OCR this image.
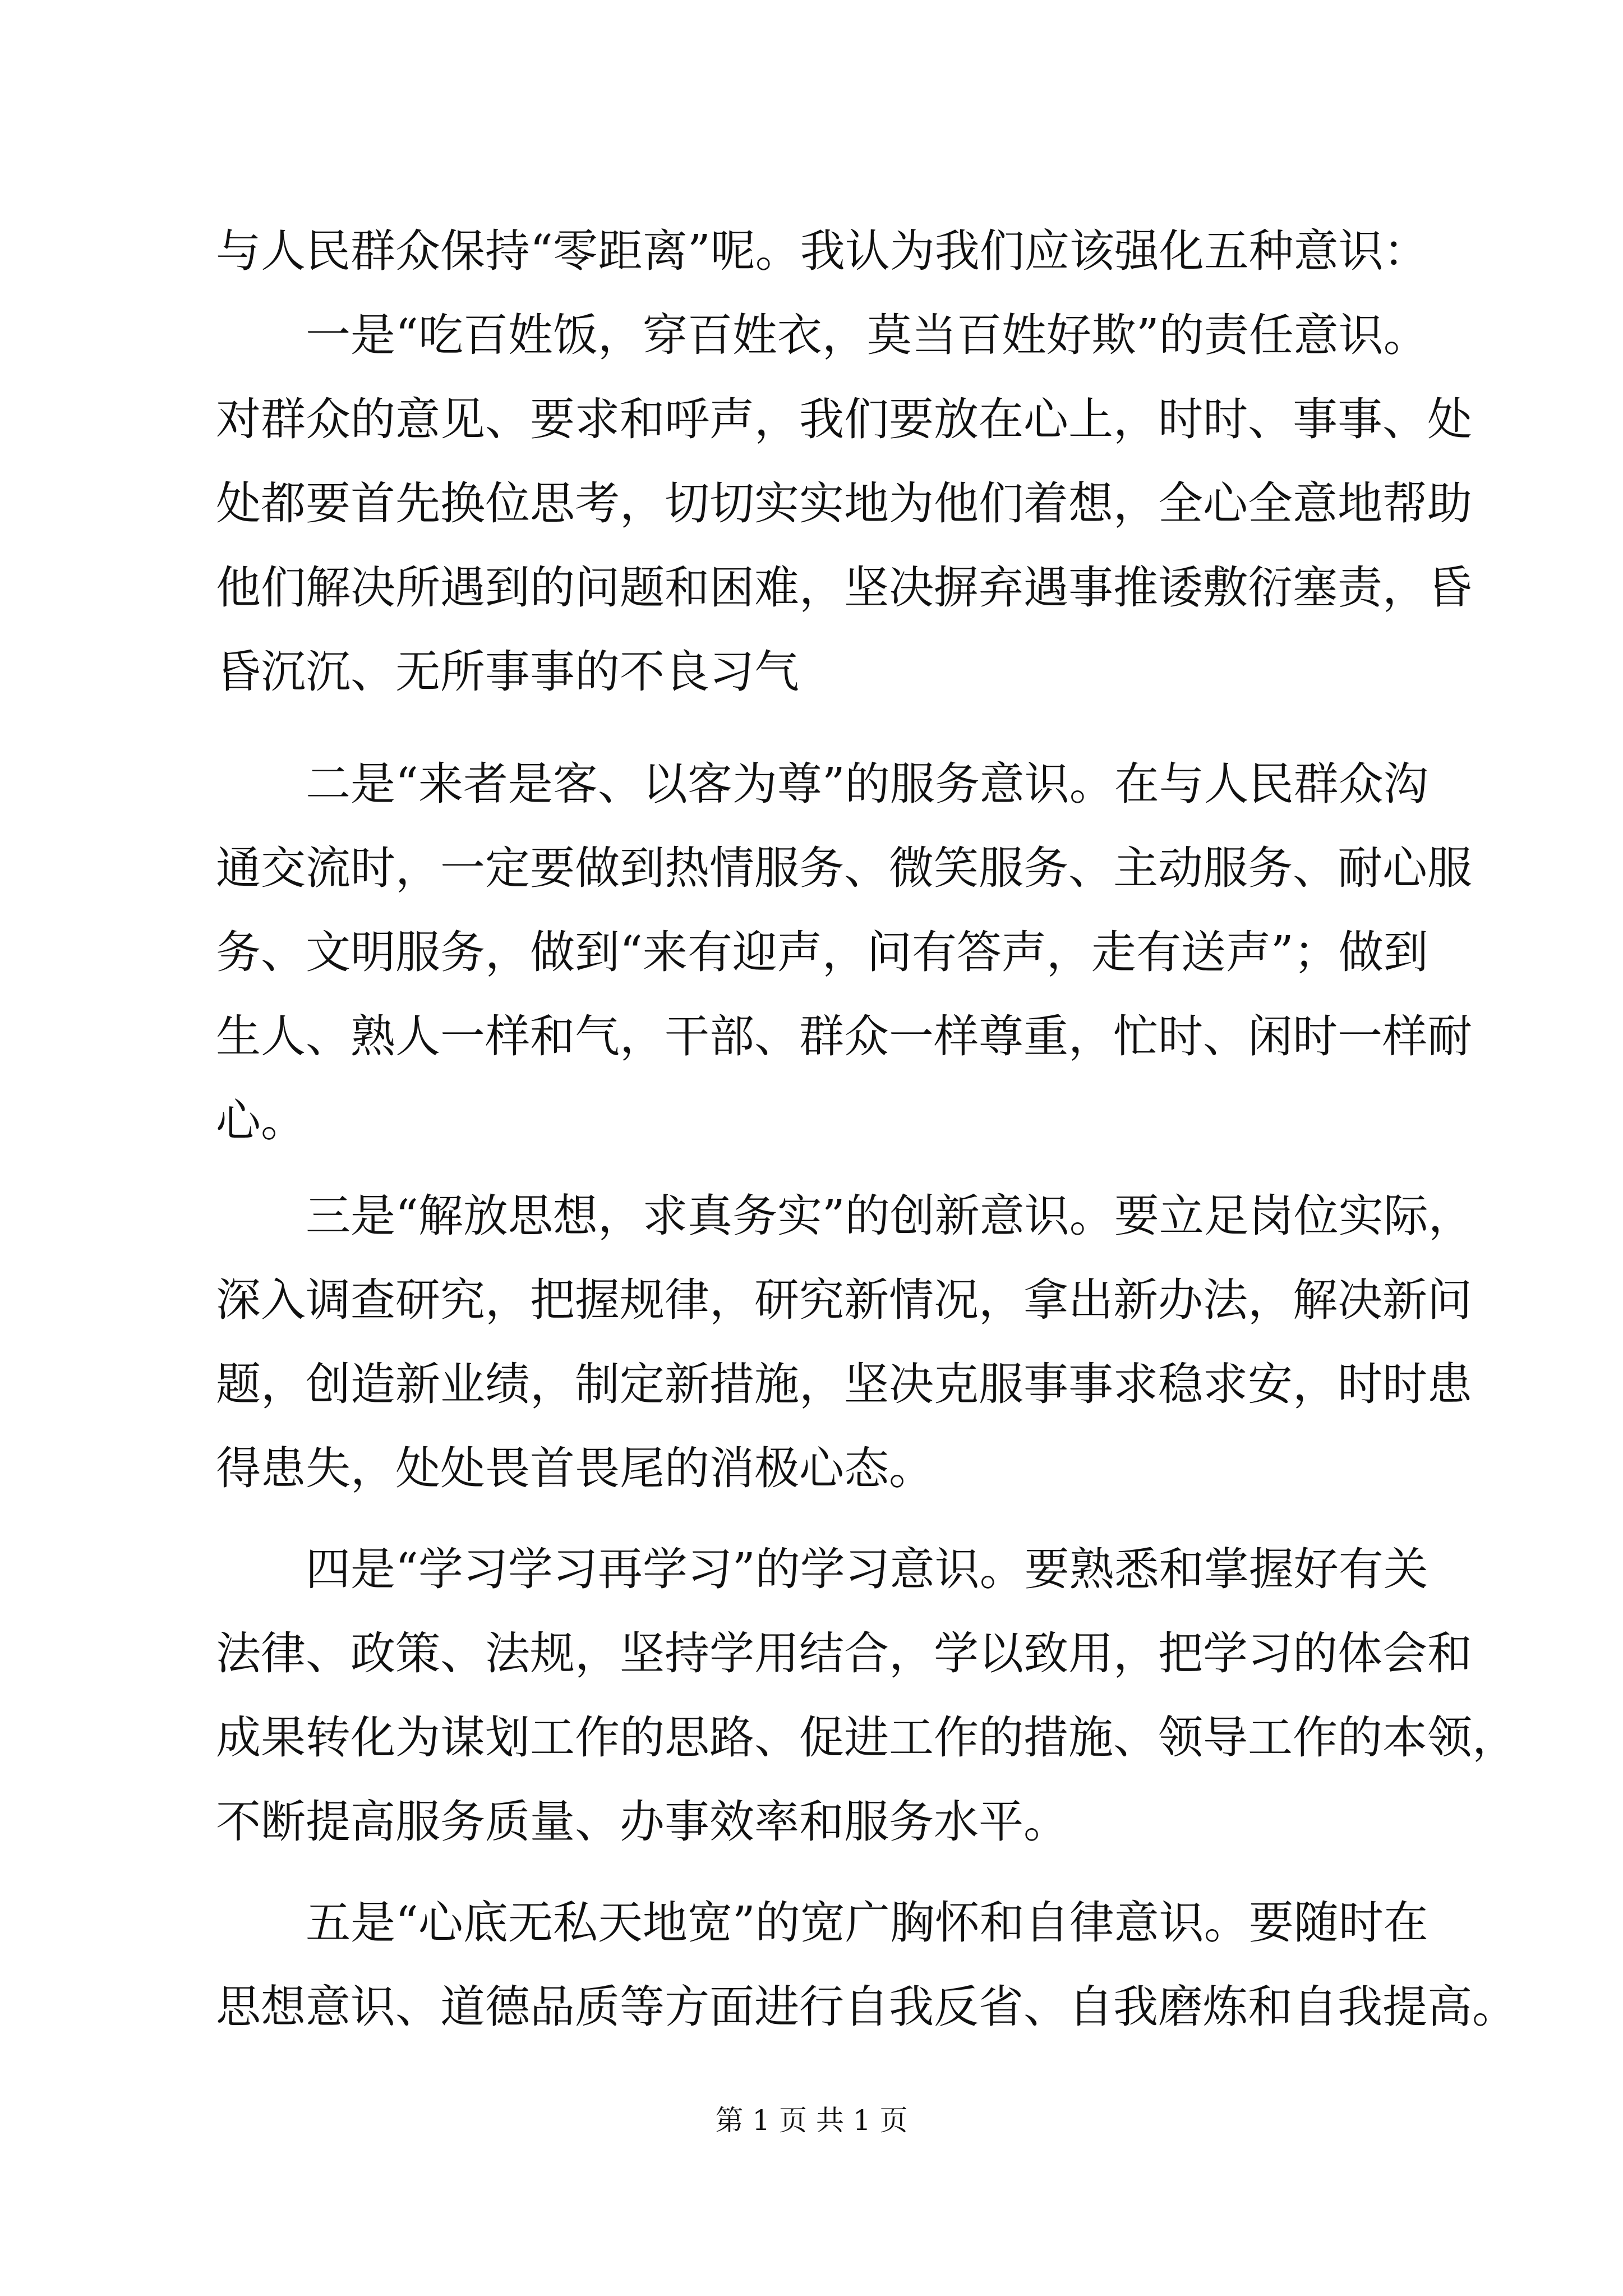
与人民群众保持“零距离”呢。我认为我们应该强化五种意识：
一是“吃百姓饭，穿百姓衣，莫当百姓好欺”的责任意识。
对群众的意见、要求和呼声，我们要放在心上，时时、事事、处
处都要首先换位思考，切切实实地为他们着想，全心全意地帮助
他们解决所遇到的问题和困难，坚决摒弃遇事推诿敷衍塞责，昏
昏沉沉、无所事事的不良习气
二是“来者是客、以客为尊”的服务意识。在与人民群众沟
通交流时，一定要做到热情服务、微笑服务、主动服务、耐心服
务、文明服务，做到“来有迎声，问有答声，走有送声”；做到
生人、熟人一样和气，干部、群众一样尊重，忙时、闲时一样耐
心。
三是“解放思想，求真务实”的创新意识。要立足岗位实际，
深入调查研究，把握规律，研究新情况，拿出新办法，解决新问
题，创造新业绩，制定新措施，坚决克服事事求稳求安，时时患
得患失，处处畏首畏尾的消极心态。
四是“学习学习再学习”的学习意识。要熟悉和掌握好有关
法律、政策、法规，坚持学用结合，学以致用，把学习的体会和
成果转化为谋划工作的思路、促进工作的措施、领导工作的本领，
不断提高服务质量、办事效率和服务水平。
五是“心底无私天地宽”的宽广胸怀和自律意识。要随时在
思想意识、道德品质等方面进行自我反省、自我磨炼和自我提高。
第 1 页 共 1 页
